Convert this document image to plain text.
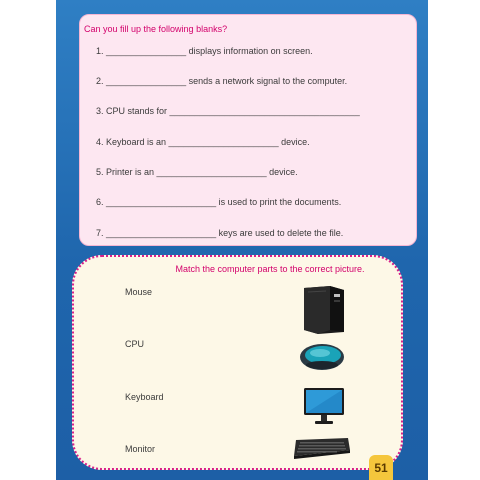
Can you fill up the following blanks?
1. ________________ displays information on screen.
2. ________________ sends a network signal to the computer.
3. CPU stands for ______________________________________
4. Keyboard is an ______________________ device.
5. Printer is an ______________________ device.
6. ______________________ is used to print the documents.
7. ______________________ keys are used to delete the file.
Match the computer parts to the correct picture.
Mouse
CPU
Keyboard
Monitor
51
